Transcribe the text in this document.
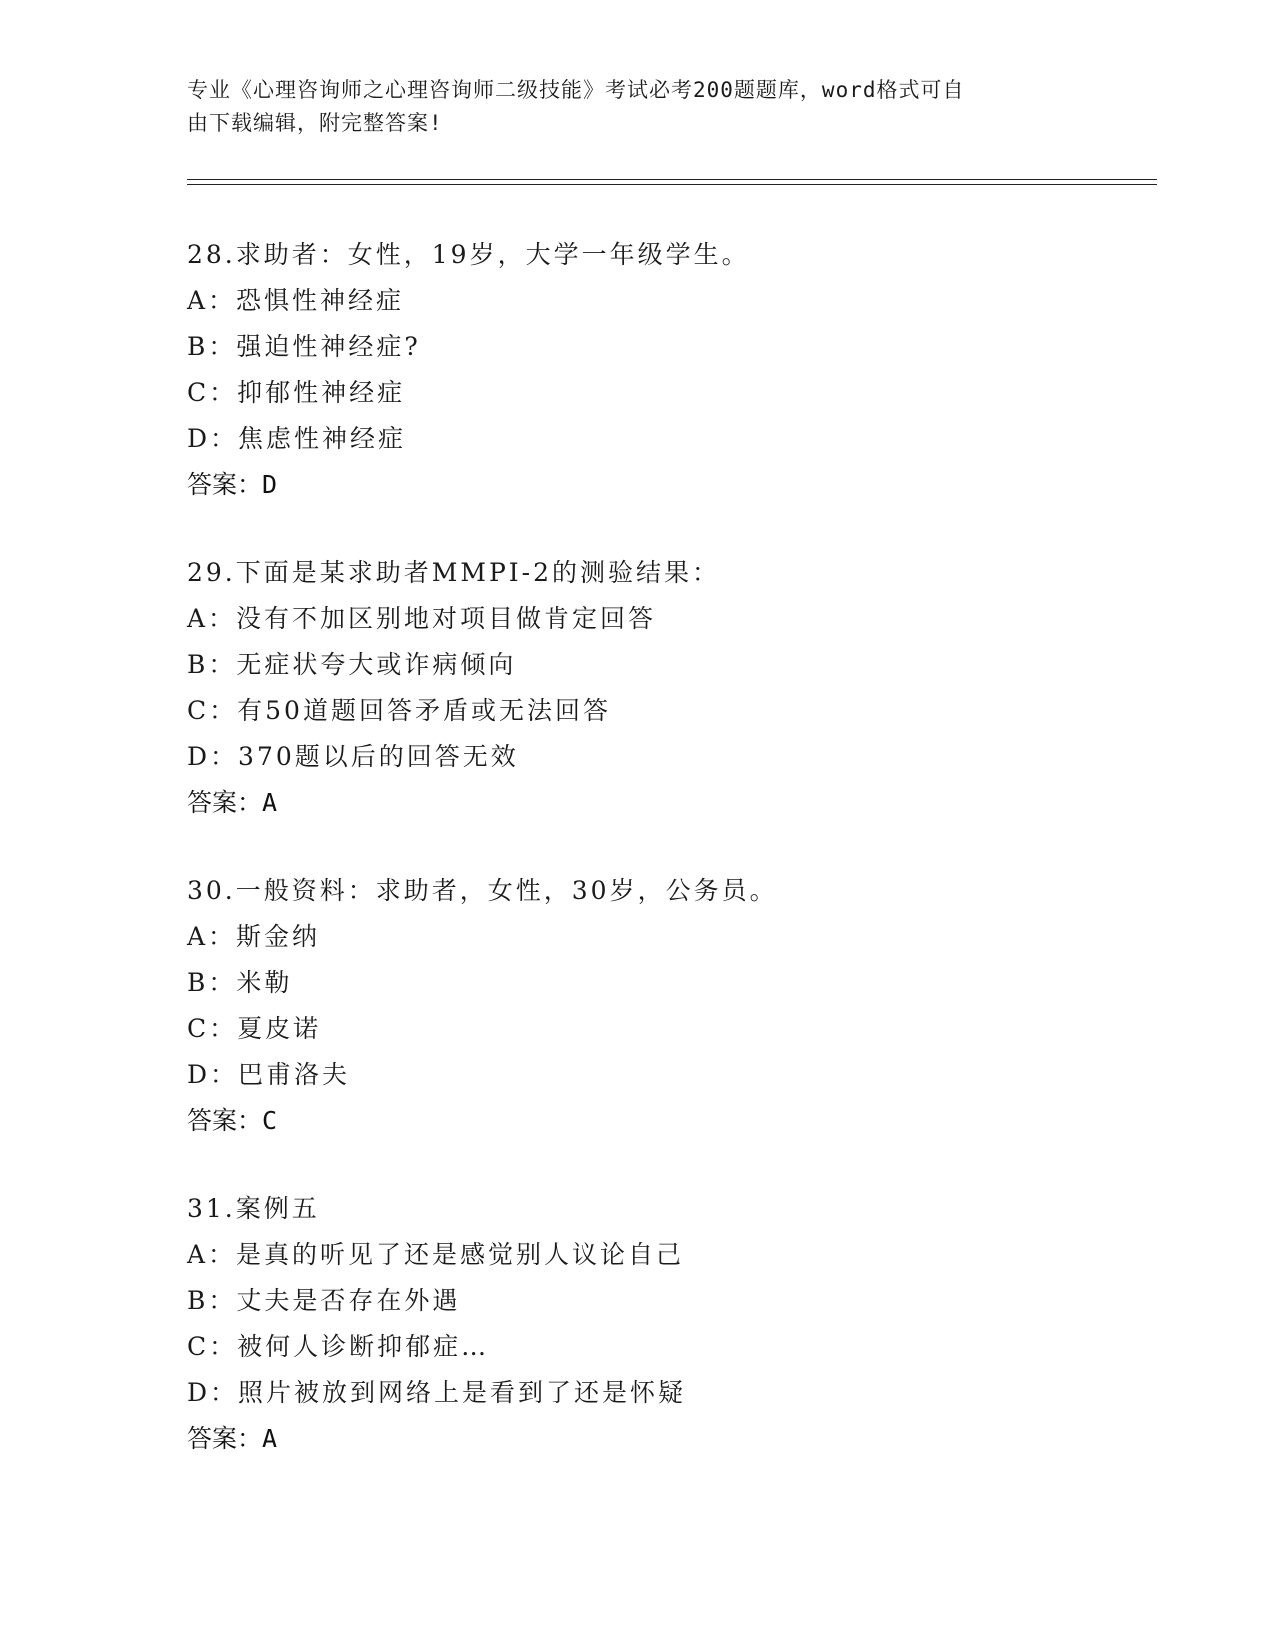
专业《心理咨询师之心理咨询师二级技能》考试必考200题题库，word格式可自
由下载编辑，附完整答案!
28.求助者：女性，19岁，大学一年级学生。
A：恐惧性神经症
B：强迫性神经症?
C：抑郁性神经症
D：焦虑性神经症
答案：D
29.下面是某求助者MMPI-2的测验结果：
A：没有不加区别地对项目做肯定回答
B：无症状夸大或诈病倾向
C：有50道题回答矛盾或无法回答
D：370题以后的回答无效
答案：A
30.一般资料：求助者，女性，30岁，公务员。
A：斯金纳
B：米勒
C：夏皮诺
D：巴甫洛夫
答案：C
31.案例五
A：是真的听见了还是感觉别人议论自己
B：丈夫是否存在外遇
C：被何人诊断抑郁症…
D：照片被放到网络上是看到了还是怀疑
答案：A
